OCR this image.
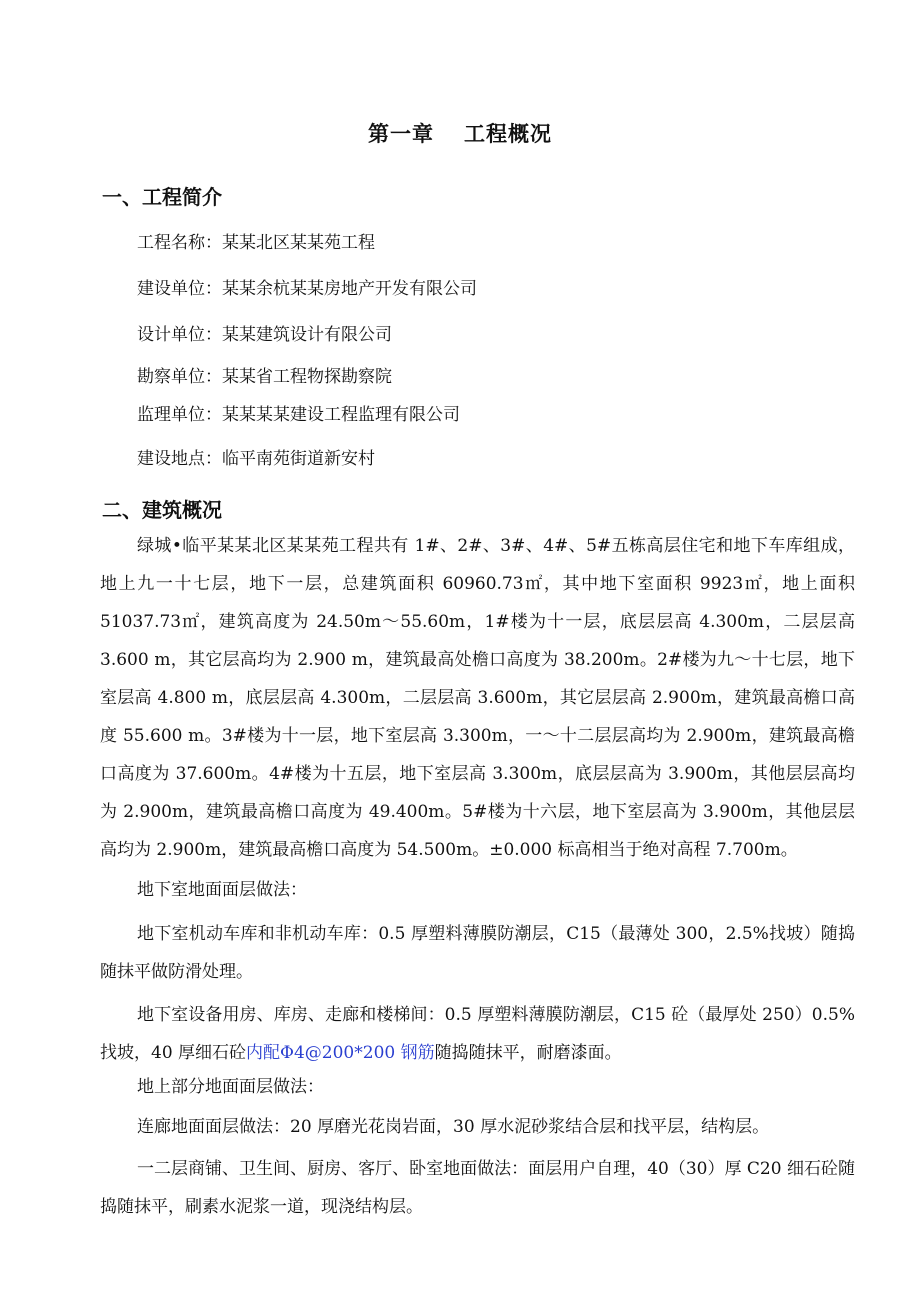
第一章 工程概况
一、工程简介
工程名称：某某北区某某苑工程
建设单位：某某余杭某某房地产开发有限公司
设计单位：某某建筑设计有限公司
勘察单位：某某省工程物探勘察院
监理单位：某某某某建设工程监理有限公司
建设地点：临平南苑街道新安村
二、建筑概况

绿城•临平某某北区某某苑工程共有 1#、2#、3#、4#、5#五栋高层住宅和地下车库组成，地上九一十七层，地下一层，总建筑面积 60960.73㎡，其中地下室面积 9923㎡，地上面积 51037.73㎡，建筑高度为 24.50m～55.60m，1#楼为十一层，底层层高 4.300m，二层层高 3.600 m，其它层高均为 2.900 m，建筑最高处檐口高度为 38.200m。2#楼为九～十七层，地下室层高 4.800 m，底层层高 4.300m，二层层高 3.600m，其它层层高 2.900m，建筑最高檐口高度 55.600 m。3#楼为十一层，地下室层高 3.300m，一～十二层层高均为 2.900m，建筑最高檐口高度为 37.600m。4#楼为十五层，地下室层高 3.300m，底层层高为 3.900m，其他层层高均为 2.900m，建筑最高檐口高度为 49.400m。5#楼为十六层，地下室层高为 3.900m，其他层层高均为 2.900m，建筑最高檐口高度为 54.500m。±0.000 标高相当于绝对高程 7.700m。

地下室地面面层做法：

地下室机动车库和非机动车库：0.5 厚塑料薄膜防潮层，C15（最薄处 300，2.5%找坡）随捣随抹平做防滑处理。

地下室设备用房、库房、走廊和楼梯间：0.5 厚塑料薄膜防潮层，C15 砼（最厚处 250）0.5%找坡，40 厚细石砼内配Φ4@200*200 钢筋随捣随抹平，耐磨漆面。

地上部分地面面层做法：

连廊地面面层做法：20 厚磨光花岗岩面，30 厚水泥砂浆结合层和找平层，结构层。

一二层商铺、卫生间、厨房、客厅、卧室地面做法：面层用户自理，40（30）厚 C20 细石砼随捣随抹平，刷素水泥浆一道，现浇结构层。
